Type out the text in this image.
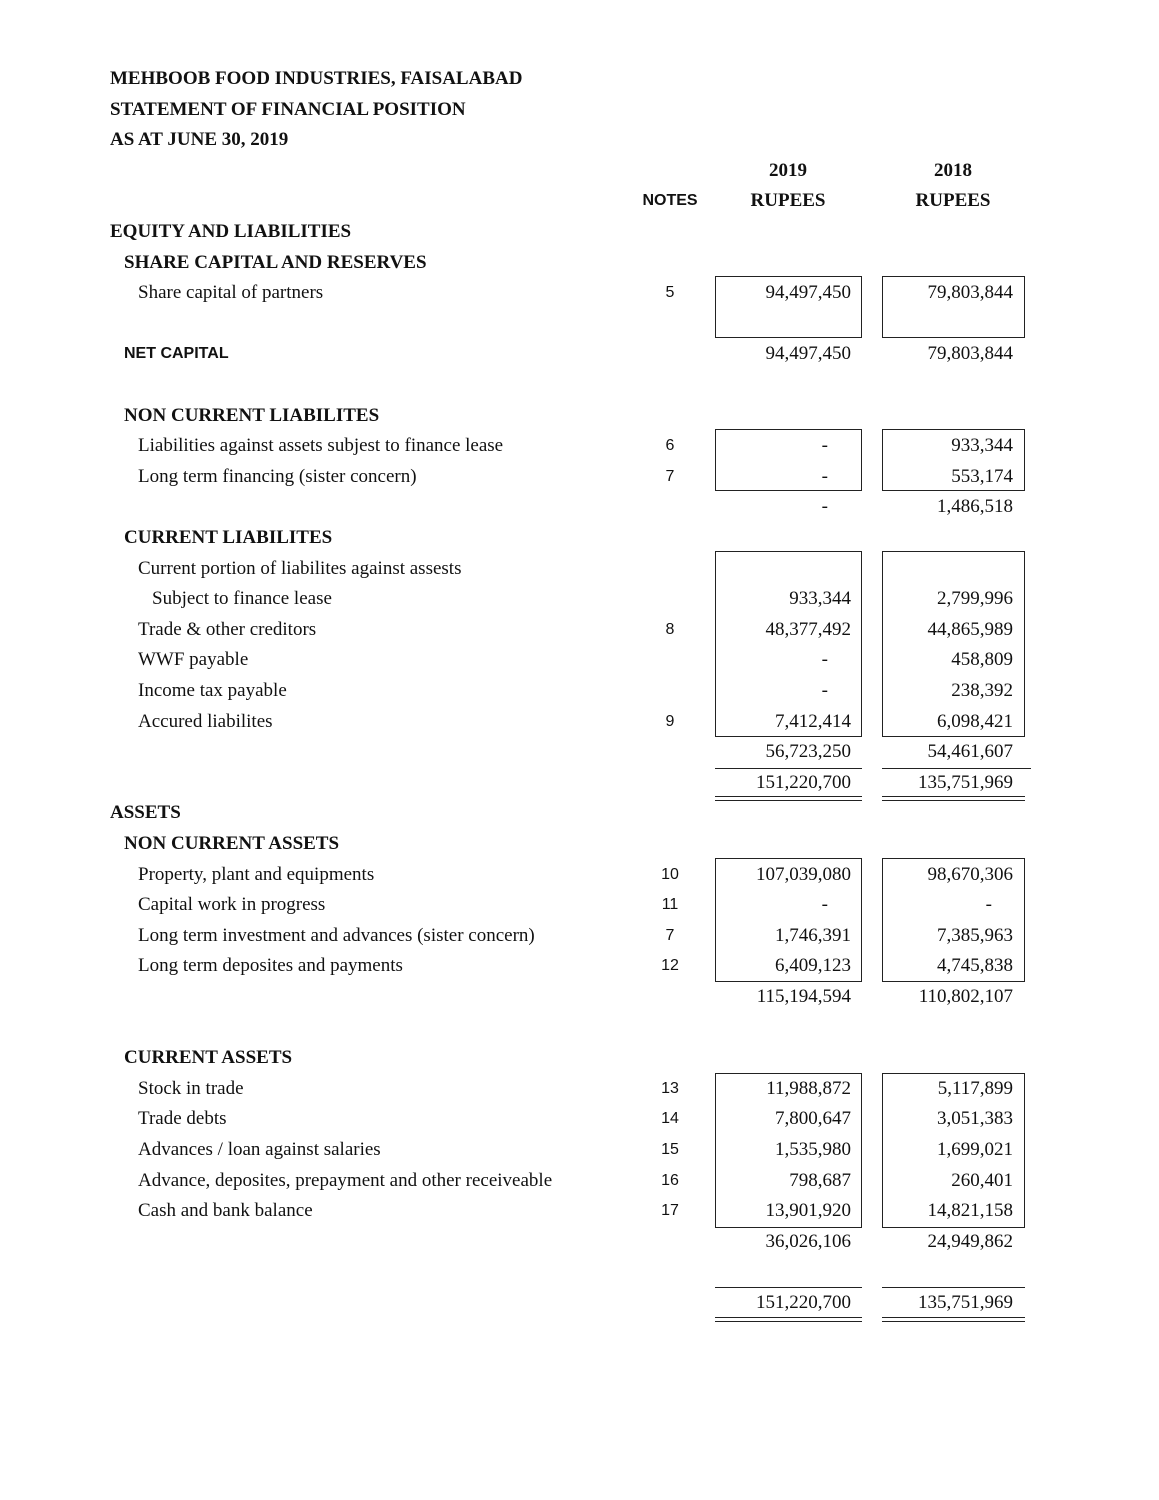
MEHBOOB FOOD INDUSTRIES, FAISALABAD
STATEMENT OF FINANCIAL POSITION
AS AT JUNE 30, 2019
2019	2018
NOTES	RUPEES	RUPEES
EQUITY AND LIABILITIES
SHARE CAPITAL AND RESERVES
Share capital of partners	5	94,497,450	79,803,844
NET CAPITAL	94,497,450	79,803,844
NON CURRENT LIABILITES
Liabilities against assets subjest to finance lease	6	-	933,344
Long term financing (sister concern)	7	-	553,174
-	1,486,518
CURRENT LIABILITES
Current portion of liabilites against assests
Subject to finance lease	933,344	2,799,996
Trade & other creditors	8	48,377,492	44,865,989
WWF payable	-	458,809
Income tax payable	-	238,392
Accured liabilites	9	7,412,414	6,098,421
56,723,250	54,461,607
151,220,700	135,751,969
ASSETS
NON CURRENT ASSETS
Property, plant and equipments	10	107,039,080	98,670,306
Capital work in progress	11	-	-
Long term investment and advances (sister concern)	7	1,746,391	7,385,963
Long term deposites and payments	12	6,409,123	4,745,838
115,194,594	110,802,107
CURRENT ASSETS
Stock in trade	13	11,988,872	5,117,899
Trade debts	14	7,800,647	3,051,383
Advances / loan against salaries	15	1,535,980	1,699,021
Advance, deposites, prepayment and other receiveable	16	798,687	260,401
Cash and bank balance	17	13,901,920	14,821,158
36,026,106	24,949,862
151,220,700	135,751,969
